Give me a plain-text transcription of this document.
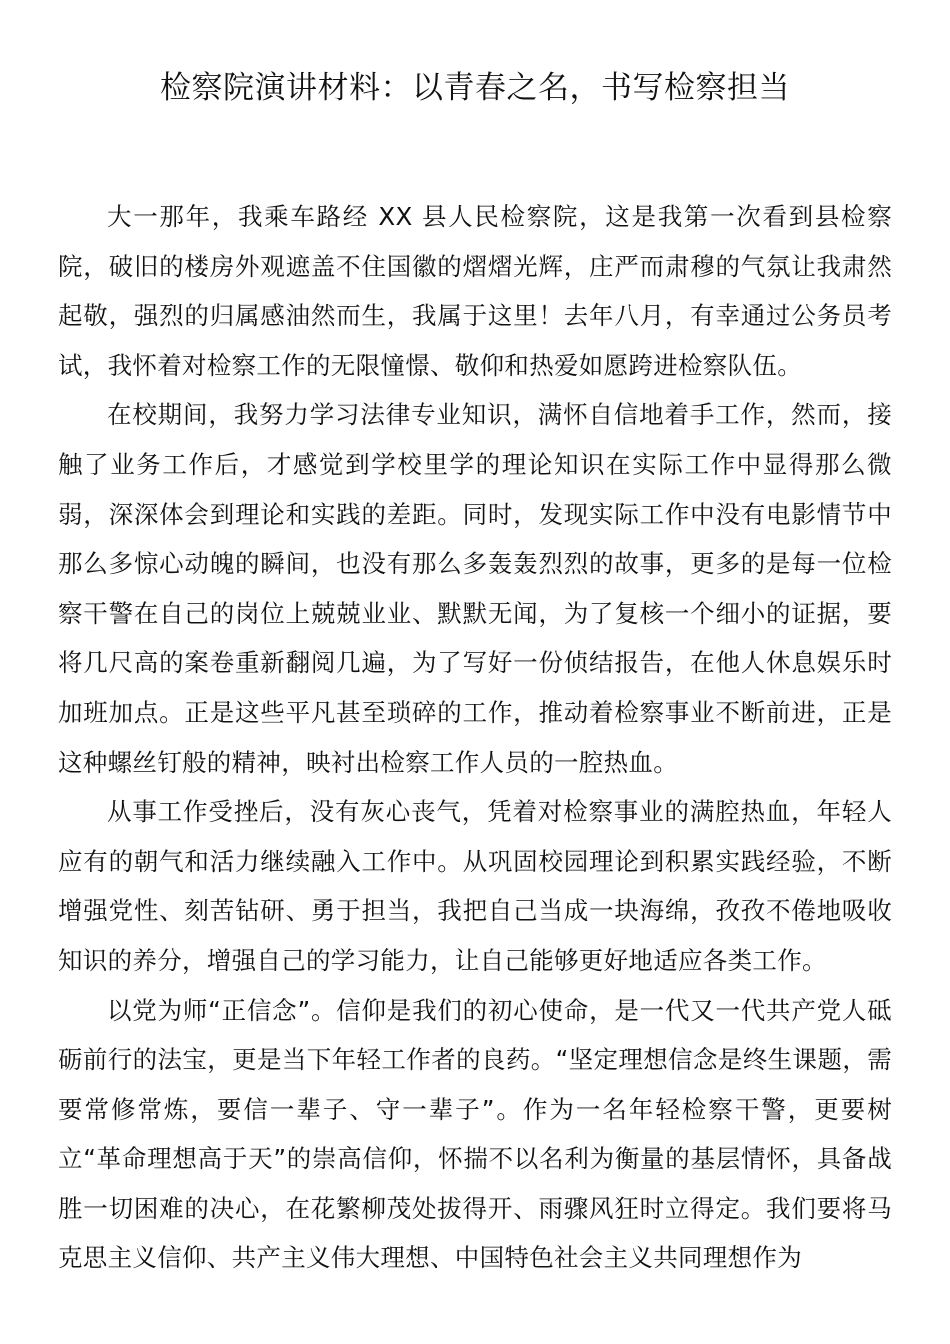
检察院演讲材料：以青春之名，书写检察担当

大一那年，我乘车路经 XX 县人民检察院，这是我第一次看到县检察院，破旧的楼房外观遮盖不住国徽的熠熠光辉，庄严而肃穆的气氛让我肃然起敬，强烈的归属感油然而生，我属于这里！去年八月，有幸通过公务员考试，我怀着对检察工作的无限憧憬、敬仰和热爱如愿跨进检察队伍。

在校期间，我努力学习法律专业知识，满怀自信地着手工作，然而，接触了业务工作后，才感觉到学校里学的理论知识在实际工作中显得那么微弱，深深体会到理论和实践的差距。同时，发现实际工作中没有电影情节中那么多惊心动魄的瞬间，也没有那么多轰轰烈烈的故事，更多的是每一位检察干警在自己的岗位上兢兢业业、默默无闻，为了复核一个细小的证据，要将几尺高的案卷重新翻阅几遍，为了写好一份侦结报告，在他人休息娱乐时加班加点。正是这些平凡甚至琐碎的工作，推动着检察事业不断前进，正是这种螺丝钉般的精神，映衬出检察工作人员的一腔热血。

从事工作受挫后，没有灰心丧气，凭着对检察事业的满腔热血，年轻人应有的朝气和活力继续融入工作中。从巩固校园理论到积累实践经验，不断增强党性、刻苦钻研、勇于担当，我把自己当成一块海绵，孜孜不倦地吸收知识的养分，增强自己的学习能力，让自己能够更好地适应各类工作。

以党为师“正信念”。信仰是我们的初心使命，是一代又一代共产党人砥砺前行的法宝，更是当下年轻工作者的良药。“坚定理想信念是终生课题，需要常修常炼，要信一辈子、守一辈子”。作为一名年轻检察干警，更要树立“革命理想高于天”的崇高信仰，怀揣不以名利为衡量的基层情怀，具备战胜一切困难的决心，在花繁柳茂处拔得开、雨骤风狂时立得定。我们要将马克思主义信仰、共产主义伟大理想、中国特色社会主义共同理想作为
